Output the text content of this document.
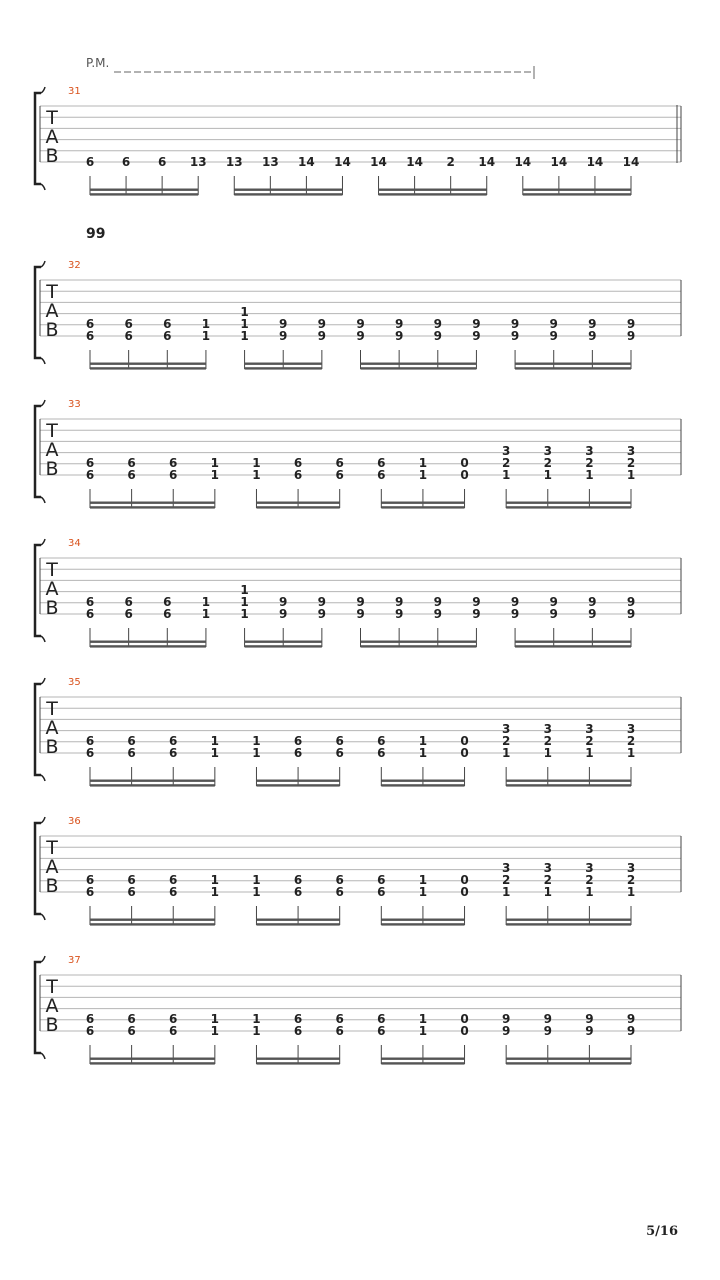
P.M.
99
T
A
B
31
6 6 6 13 13 13 14 14 14 14 2 14 14 14 14 14
T
A
B
32
6
6
6
6
6
6
1
1
1
1
1
9
9
9
9
9
9
9
9
9
9
9
9
9
9
9
9
9
9
9
9
T
A
B
33
6
6
6
6
6
6
1
1
1
1
6
6
6
6
6
6
1
1
0
0
1
2
3
1
2
3
1
2
3
1
2
3
T
A
B
34
6
6
6
6
6
6
1
1
1
1
1
9
9
9
9
9
9
9
9
9
9
9
9
9
9
9
9
9
9
9
9
T
A
B
35
6
6
6
6
6
6
1
1
1
1
6
6
6
6
6
6
1
1
0
0
1
2
3
1
2
3
1
2
3
1
2
3
T
A
B
36
6
6
6
6
6
6
1
1
1
1
6
6
6
6
6
6
1
1
0
0
1
2
3
1
2
3
1
2
3
1
2
3
T
A
B
37
6
6
6
6
6
6
1
1
1
1
6
6
6
6
6
6
1
1
0
0
9
9
9
9
9
9
9
9
5/16
